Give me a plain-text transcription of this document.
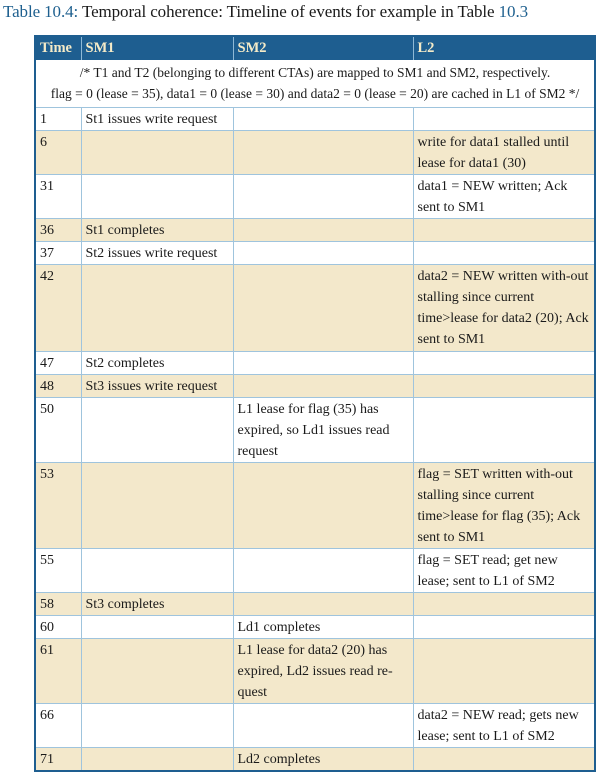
Table 10.4: Temporal coherence: Timeline of events for example in Table 10.3
/* T1 and T2 (belonging to different CTAs) are mapped to SM1 and SM2, respectively.
flag = 0 (lease = 35), data1 = 0 (lease = 30) and data2 = 0 (lease = 20) are cached in L1 of SM2 */			

Time	SM1	SM2	L2
1	St1 issues write request		
6			write for data1 stalled until lease for data1 (30)
31			data1 = NEW written; Ack sent to SM1
36	St1 completes		
37	St2 issues write request		
42			data2 = NEW written with-out stalling since current time>lease for data2 (20); Ack sent to SM1
47	St2 completes		
48	St3 issues write request		
50		L1 lease for flag (35) has expired, so Ld1 issues read request	
53			flag = SET written with-out stalling since current time>lease for flag (35); Ack sent to SM1
55			flag = SET read; get new lease; sent to L1 of SM2
58	St3 completes		
60		Ld1 completes	
61		L1 lease for data2 (20) has expired, Ld2 issues read re-quest	
66			data2 = NEW read; gets new lease; sent to L1 of SM2
71		Ld2 completes	
